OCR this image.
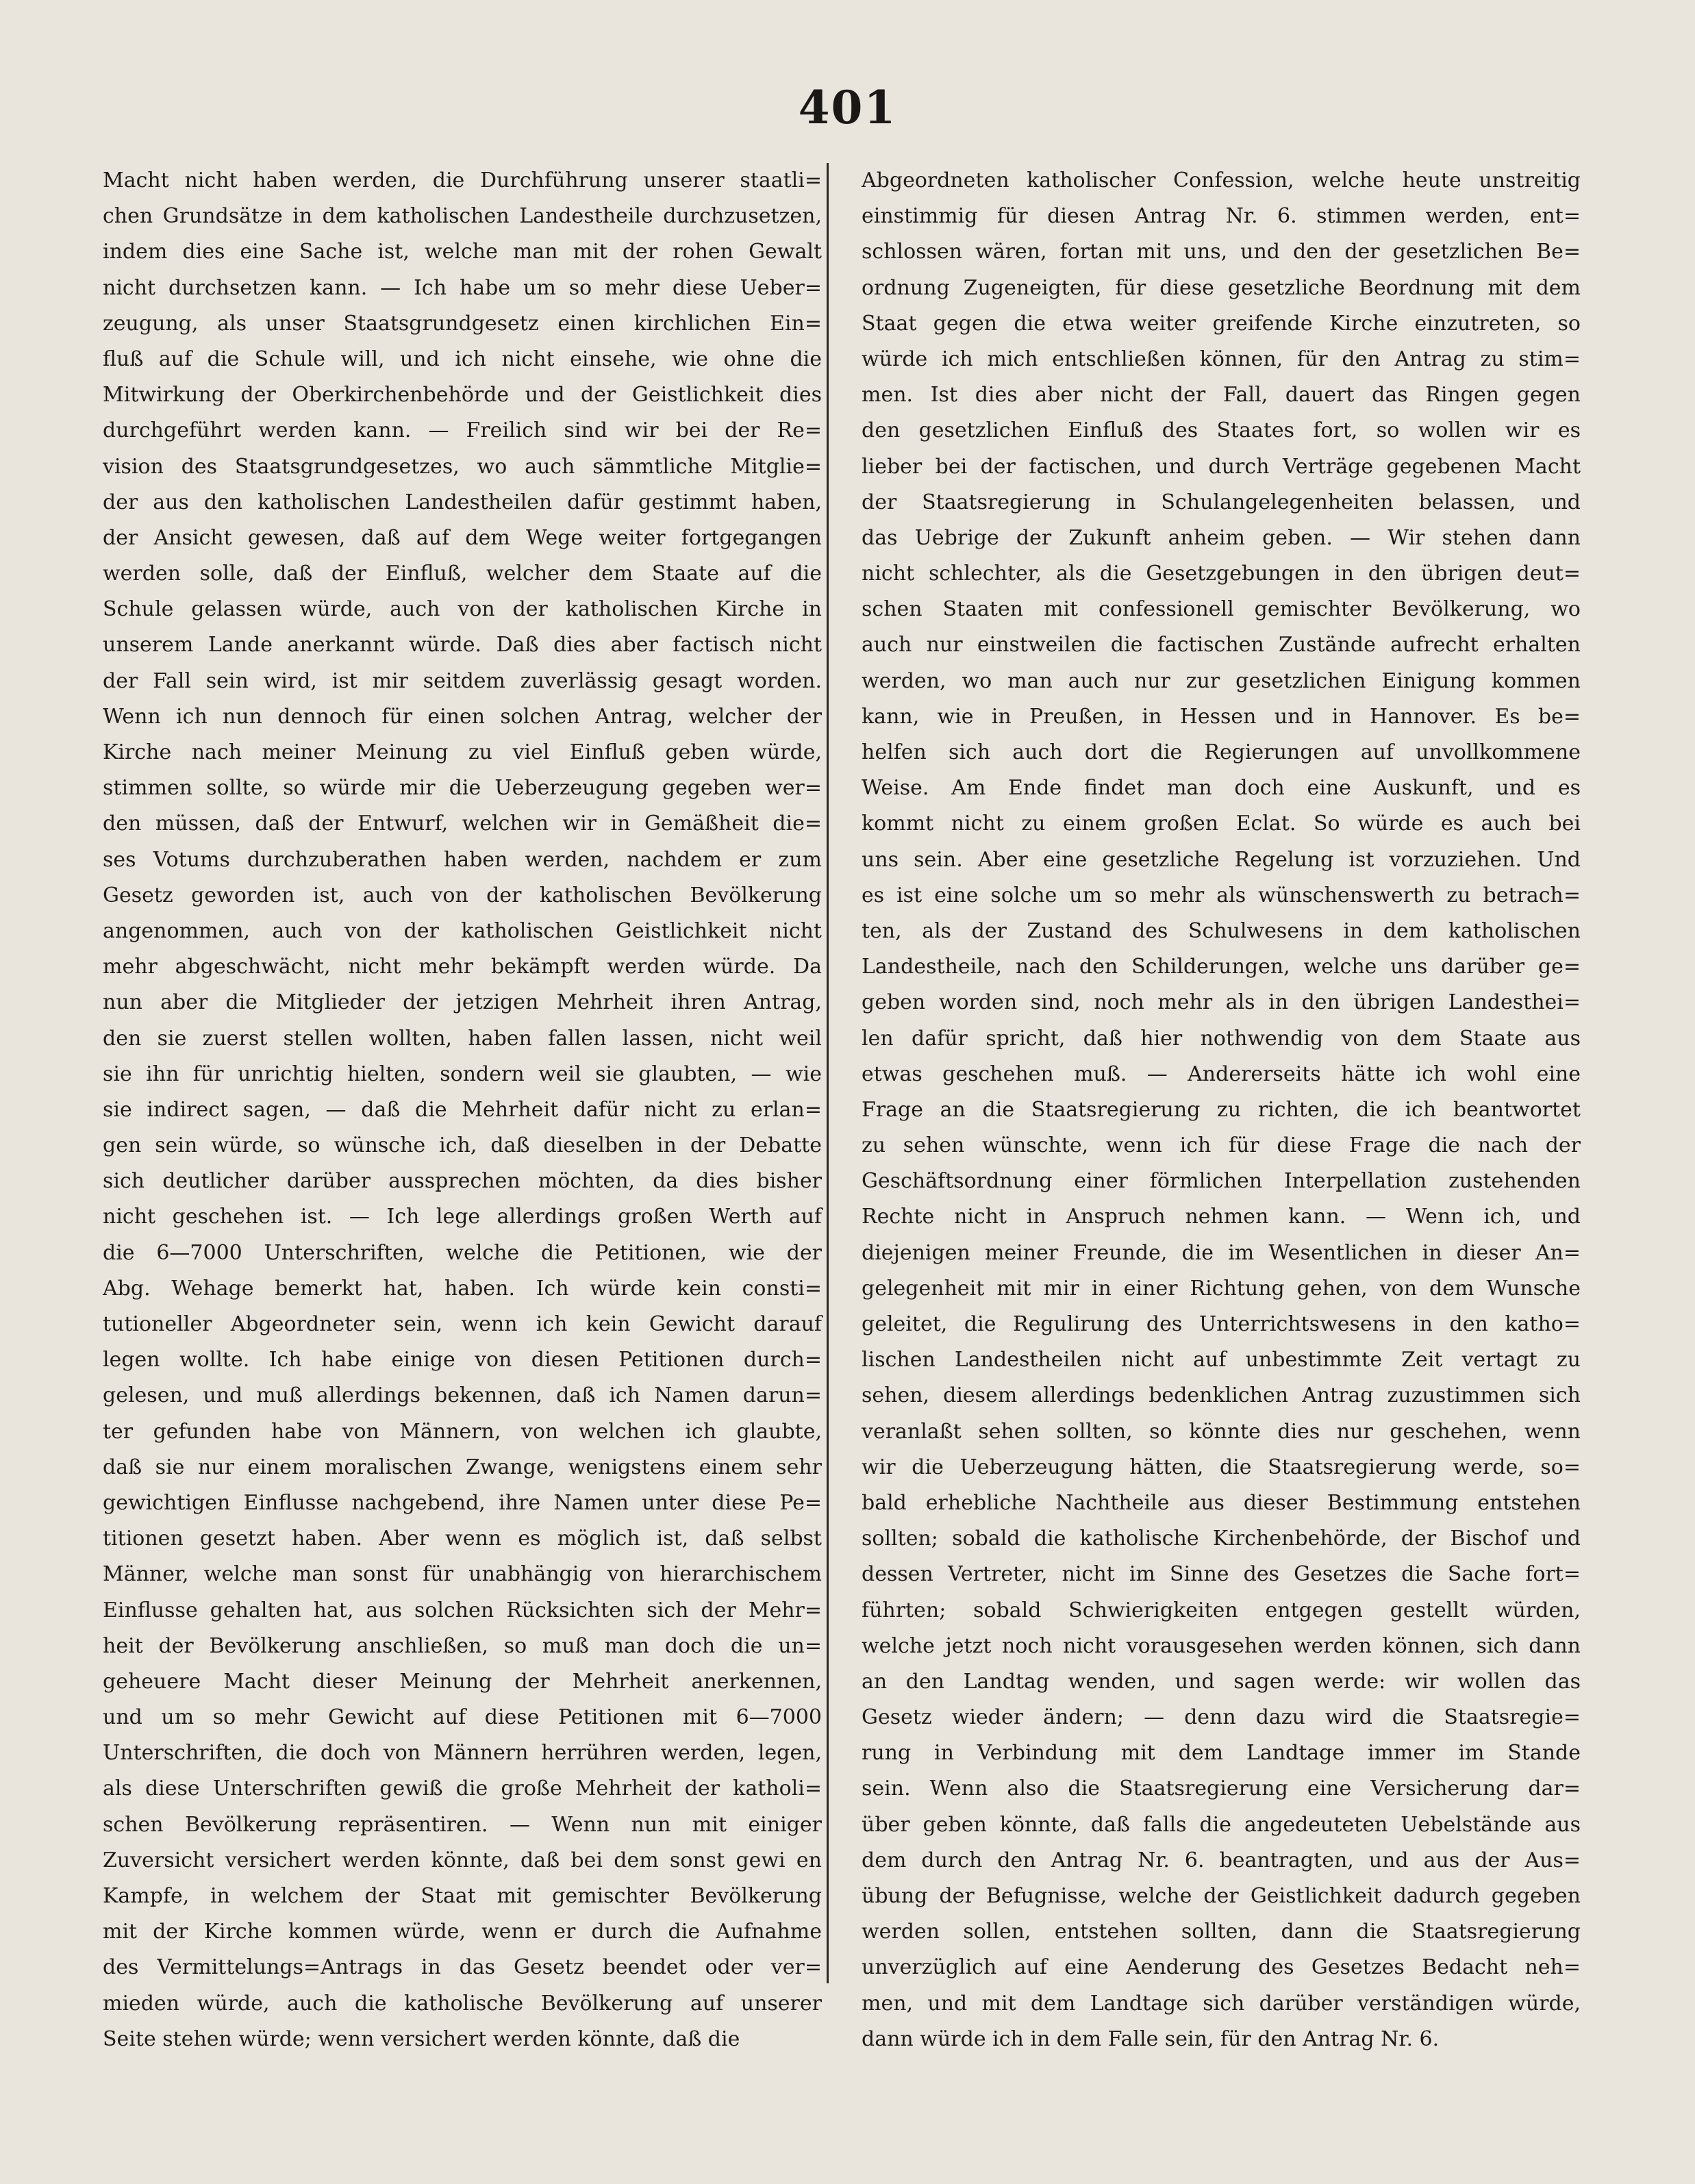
401
Macht nicht haben werden, die Durchführung unserer staatli=
chen Grundsätze in dem katholischen Landestheile durchzusetzen,
indem dies eine Sache ist, welche man mit der rohen Gewalt
nicht durchsetzen kann. — Ich habe um so mehr diese Ueber=
zeugung, als unser Staatsgrundgesetz einen kirchlichen Ein=
fluß auf die Schule will, und ich nicht einsehe, wie ohne die
Mitwirkung der Oberkirchenbehörde und der Geistlichkeit dies
durchgeführt werden kann. — Freilich sind wir bei der Re=
vision des Staatsgrundgesetzes, wo auch sämmtliche Mitglie=
der aus den katholischen Landestheilen dafür gestimmt haben,
der Ansicht gewesen, daß auf dem Wege weiter fortgegangen
werden solle, daß der Einfluß, welcher dem Staate auf die
Schule gelassen würde, auch von der katholischen Kirche in
unserem Lande anerkannt würde. Daß dies aber factisch nicht
der Fall sein wird, ist mir seitdem zuverlässig gesagt worden.
Wenn ich nun dennoch für einen solchen Antrag, welcher der
Kirche nach meiner Meinung zu viel Einfluß geben würde,
stimmen sollte, so würde mir die Ueberzeugung gegeben wer=
den müssen, daß der Entwurf, welchen wir in Gemäßheit die=
ses Votums durchzuberathen haben werden, nachdem er zum
Gesetz geworden ist, auch von der katholischen Bevölkerung
angenommen, auch von der katholischen Geistlichkeit nicht
mehr abgeschwächt, nicht mehr bekämpft werden würde. Da
nun aber die Mitglieder der jetzigen Mehrheit ihren Antrag,
den sie zuerst stellen wollten, haben fallen lassen, nicht weil
sie ihn für unrichtig hielten, sondern weil sie glaubten, — wie
sie indirect sagen, — daß die Mehrheit dafür nicht zu erlan=
gen sein würde, so wünsche ich, daß dieselben in der Debatte
sich deutlicher darüber aussprechen möchten, da dies bisher
nicht geschehen ist. — Ich lege allerdings großen Werth auf
die 6—7000 Unterschriften, welche die Petitionen, wie der
Abg. Wehage bemerkt hat, haben. Ich würde kein consti=
tutioneller Abgeordneter sein, wenn ich kein Gewicht darauf
legen wollte. Ich habe einige von diesen Petitionen durch=
gelesen, und muß allerdings bekennen, daß ich Namen darun=
ter gefunden habe von Männern, von welchen ich glaubte,
daß sie nur einem moralischen Zwange, wenigstens einem sehr
gewichtigen Einflusse nachgebend, ihre Namen unter diese Pe=
titionen gesetzt haben. Aber wenn es möglich ist, daß selbst
Männer, welche man sonst für unabhängig von hierarchischem
Einflusse gehalten hat, aus solchen Rücksichten sich der Mehr=
heit der Bevölkerung anschließen, so muß man doch die un=
geheuere Macht dieser Meinung der Mehrheit anerkennen,
und um so mehr Gewicht auf diese Petitionen mit 6—7000
Unterschriften, die doch von Männern herrühren werden, legen,
als diese Unterschriften gewiß die große Mehrheit der katholi=
schen Bevölkerung repräsentiren. — Wenn nun mit einiger
Zuversicht versichert werden könnte, daß bei dem sonst gewi en
Kampfe, in welchem der Staat mit gemischter Bevölkerung
mit der Kirche kommen würde, wenn er durch die Aufnahme
des Vermittelungs=Antrags in das Gesetz beendet oder ver=
mieden würde, auch die katholische Bevölkerung auf unserer
Seite stehen würde; wenn versichert werden könnte, daß die
Abgeordneten katholischer Confession, welche heute unstreitig
einstimmig für diesen Antrag Nr. 6. stimmen werden, ent=
schlossen wären, fortan mit uns, und den der gesetzlichen Be=
ordnung Zugeneigten, für diese gesetzliche Beordnung mit dem
Staat gegen die etwa weiter greifende Kirche einzutreten, so
würde ich mich entschließen können, für den Antrag zu stim=
men. Ist dies aber nicht der Fall, dauert das Ringen gegen
den gesetzlichen Einfluß des Staates fort, so wollen wir es
lieber bei der factischen, und durch Verträge gegebenen Macht
der Staatsregierung in Schulangelegenheiten belassen, und
das Uebrige der Zukunft anheim geben. — Wir stehen dann
nicht schlechter, als die Gesetzgebungen in den übrigen deut=
schen Staaten mit confessionell gemischter Bevölkerung, wo
auch nur einstweilen die factischen Zustände aufrecht erhalten
werden, wo man auch nur zur gesetzlichen Einigung kommen
kann, wie in Preußen, in Hessen und in Hannover. Es be=
helfen sich auch dort die Regierungen auf unvollkommene
Weise. Am Ende findet man doch eine Auskunft, und es
kommt nicht zu einem großen Eclat. So würde es auch bei
uns sein. Aber eine gesetzliche Regelung ist vorzuziehen. Und
es ist eine solche um so mehr als wünschenswerth zu betrach=
ten, als der Zustand des Schulwesens in dem katholischen
Landestheile, nach den Schilderungen, welche uns darüber ge=
geben worden sind, noch mehr als in den übrigen Landesthei=
len dafür spricht, daß hier nothwendig von dem Staate aus
etwas geschehen muß. — Andererseits hätte ich wohl eine
Frage an die Staatsregierung zu richten, die ich beantwortet
zu sehen wünschte, wenn ich für diese Frage die nach der
Geschäftsordnung einer förmlichen Interpellation zustehenden
Rechte nicht in Anspruch nehmen kann. — Wenn ich, und
diejenigen meiner Freunde, die im Wesentlichen in dieser An=
gelegenheit mit mir in einer Richtung gehen, von dem Wunsche
geleitet, die Regulirung des Unterrichtswesens in den katho=
lischen Landestheilen nicht auf unbestimmte Zeit vertagt zu
sehen, diesem allerdings bedenklichen Antrag zuzustimmen sich
veranlaßt sehen sollten, so könnte dies nur geschehen, wenn
wir die Ueberzeugung hätten, die Staatsregierung werde, so=
bald erhebliche Nachtheile aus dieser Bestimmung entstehen
sollten; sobald die katholische Kirchenbehörde, der Bischof und
dessen Vertreter, nicht im Sinne des Gesetzes die Sache fort=
führten; sobald Schwierigkeiten entgegen gestellt würden,
welche jetzt noch nicht vorausgesehen werden können, sich dann
an den Landtag wenden, und sagen werde: wir wollen das
Gesetz wieder ändern; — denn dazu wird die Staatsregie=
rung in Verbindung mit dem Landtage immer im Stande
sein. Wenn also die Staatsregierung eine Versicherung dar=
über geben könnte, daß falls die angedeuteten Uebelstände aus
dem durch den Antrag Nr. 6. beantragten, und aus der Aus=
übung der Befugnisse, welche der Geistlichkeit dadurch gegeben
werden sollen, entstehen sollten, dann die Staatsregierung
unverzüglich auf eine Aenderung des Gesetzes Bedacht neh=
men, und mit dem Landtage sich darüber verständigen würde,
dann würde ich in dem Falle sein, für den Antrag Nr. 6.
